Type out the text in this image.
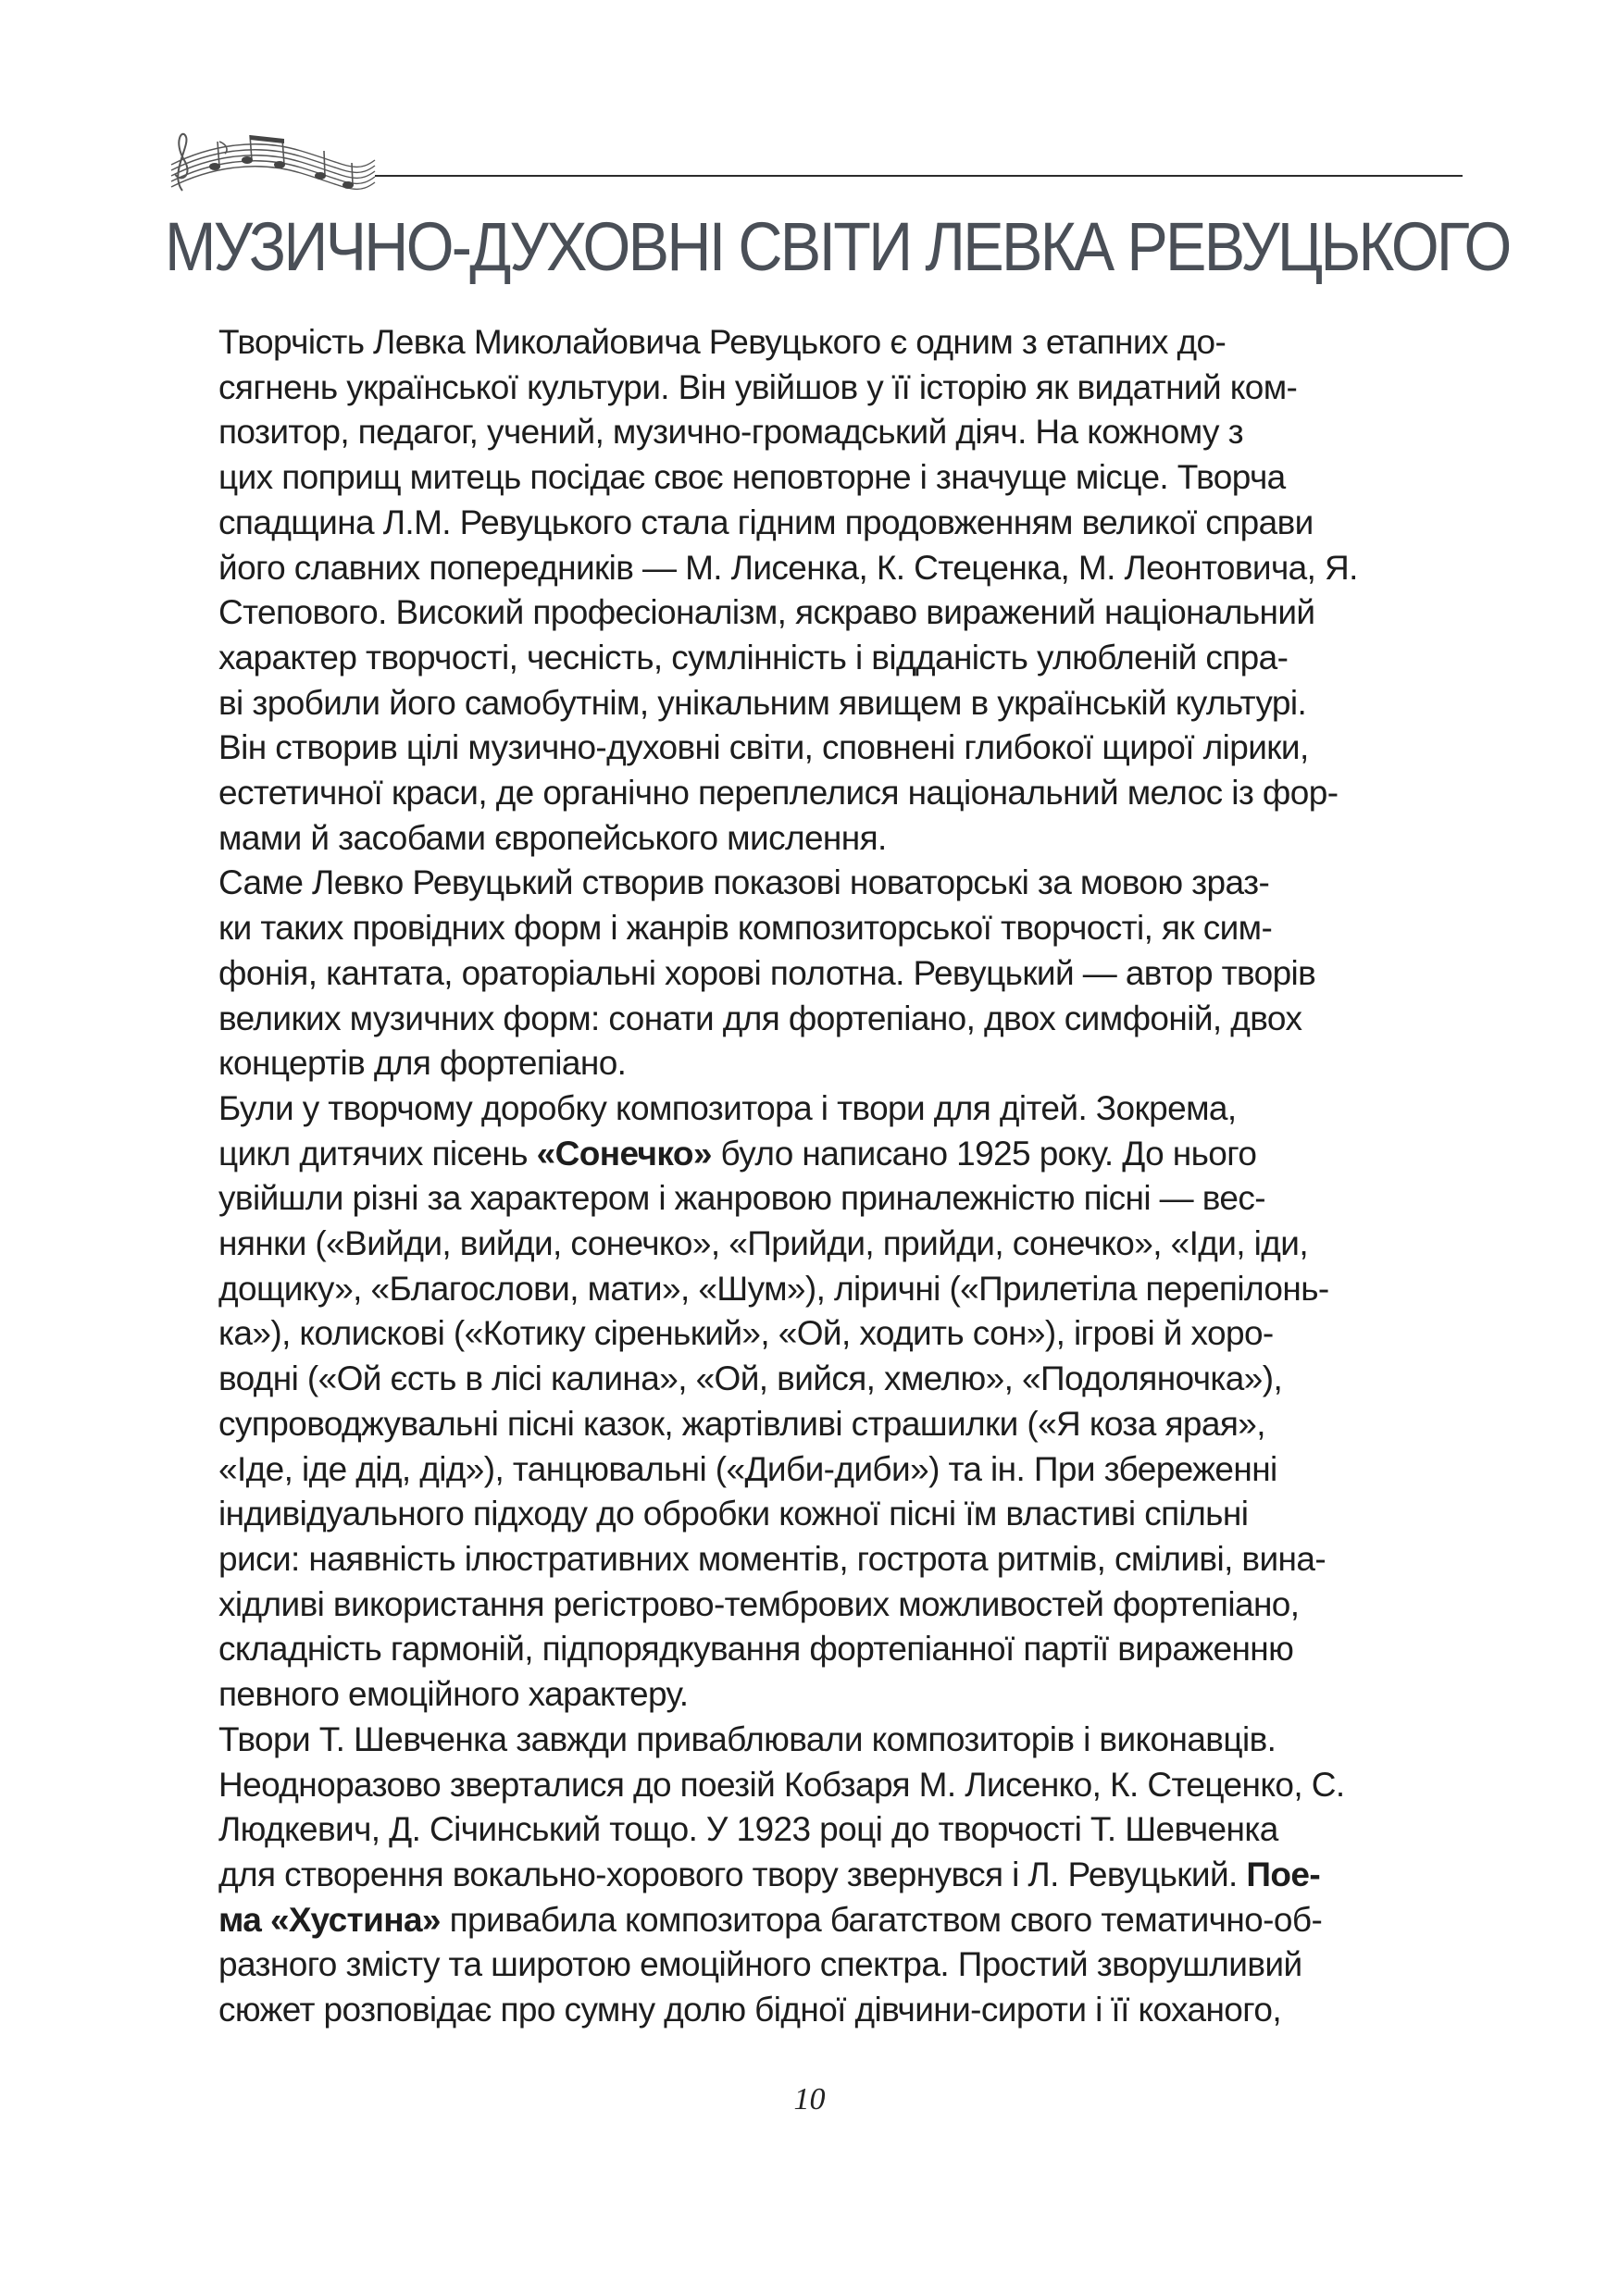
МУЗИЧНО-ДУХОВНІ СВІТИ ЛЕВКА РЕВУЦЬКОГО

Творчість Левка Миколайовича Ревуцького є одним з етапних до-
сягнень української культури. Він увійшов у її історію як видатний ком-
позитор, педагог, учений, музично-громадський діяч. На кожному з
цих поприщ митець посідає своє неповторне і значуще місце. Творча
спадщина Л.М. Ревуцького стала гідним продовженням великої справи
його славних попередників — М. Лисенка, К. Стеценка, М. Леонтовича, Я.
Степового. Високий професіоналізм, яскраво виражений національний
характер творчості, чесність, сумлінність і відданість улюбленій спра-
ві зробили його самобутнім, унікальним явищем в українській культурі.
Він створив цілі музично-духовні світи, сповнені глибокої щирої лірики,
естетичної краси, де органічно переплелися національний мелос із фор-
мами й засобами європейського мислення.

Саме Левко Ревуцький створив показові новаторські за мовою зраз-
ки таких провідних форм і жанрів композиторської творчості, як сим-
фонія, кантата, ораторіальні хорові полотна. Ревуцький — автор творів
великих музичних форм: сонати для фортепіано, двох симфоній, двох
концертів для фортепіано.

Були у творчому доробку композитора і твори для дітей. Зокрема,
цикл дитячих пісень «Сонечко» було написано 1925 року. До нього
увійшли різні за характером і жанровою приналежністю пісні — вес-
нянки («Вийди, вийди, сонечко», «Прийди, прийди, сонечко», «Іди, іди,
дощику», «Благослови, мати», «Шум»), ліричні («Прилетіла перепілонь-
ка»), колискові («Котику сіренький», «Ой, ходить сон»), ігрові й хоро-
водні («Ой єсть в лісі калина», «Ой, вийся, хмелю», «Подоляночка»),
супроводжувальні пісні казок, жартівливі страшилки («Я коза ярая»,
«Іде, іде дід, дід»), танцювальні («Диби-диби») та ін. При збереженні
індивідуального підходу до обробки кожної пісні їм властиві спільні
риси: наявність ілюстративних моментів, гострота ритмів, сміливі, вина-
хідливі використання регістрово-тембрових можливостей фортепіано,
складність гармоній, підпорядкування фортепіанної партії вираженню
певного емоційного характеру.

Твори Т. Шевченка завжди приваблювали композиторів і виконавців.
Неодноразово зверталися до поезій Кобзаря М. Лисенко, К. Стеценко, С.
Людкевич, Д. Січинський тощо. У 1923 році до творчості Т. Шевченка
для створення вокально-хорового твору звернувся і Л. Ревуцький. Пое-
ма «Хустина» привабила композитора багатством свого тематично-об-
разного змісту та широтою емоційного спектра. Простий зворушливий
сюжет розповідає про сумну долю бідної дівчини-сироти і її коханого,

10
